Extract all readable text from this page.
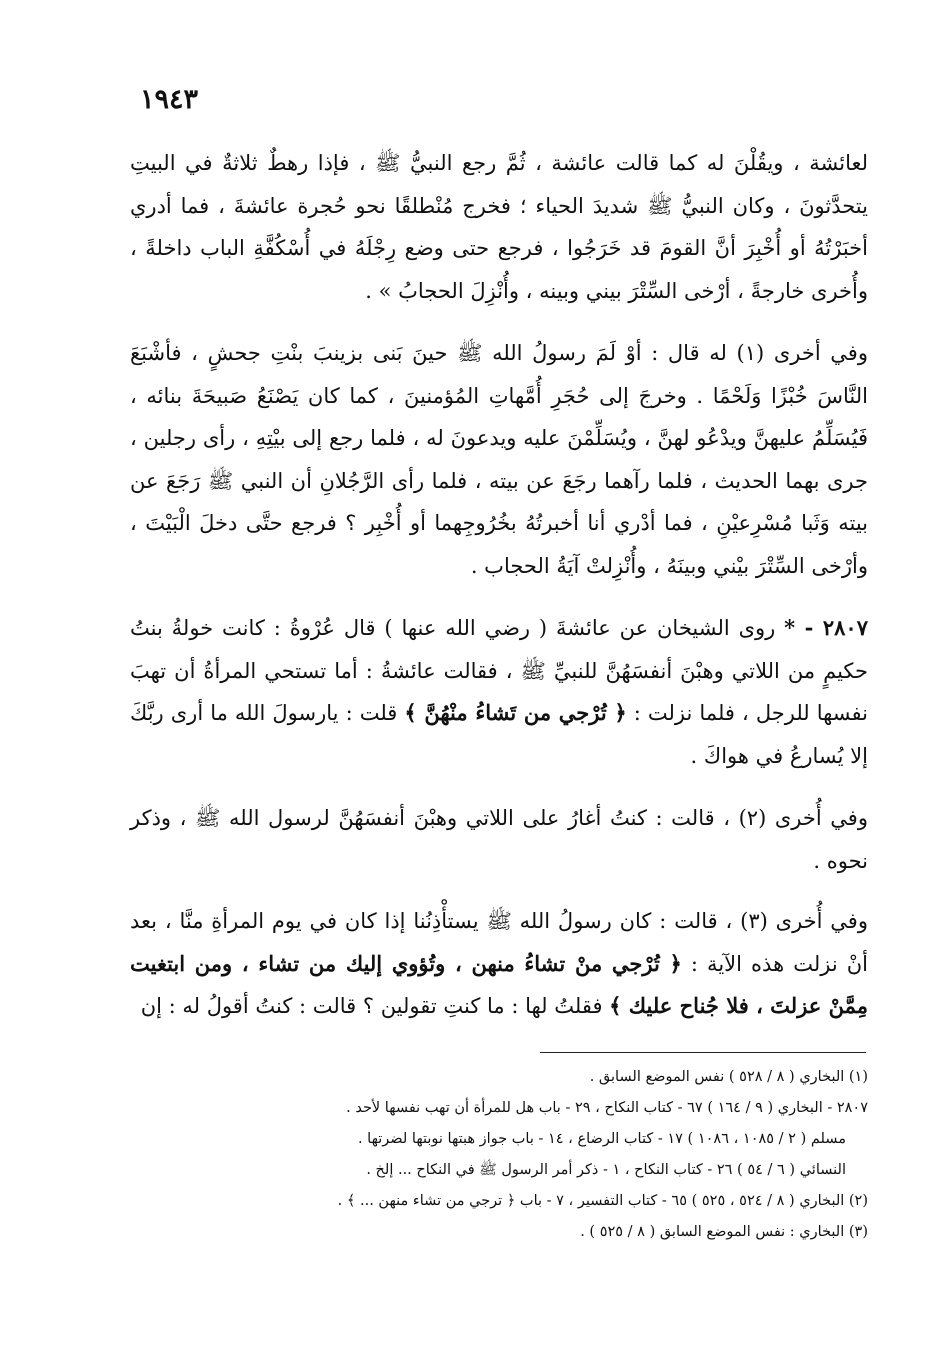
١٩٤٣

لعائشة ، ويقُلْنَ له كما قالت عائشة ، ثُمَّ رجع النبيُّ ﷺ ، فإذا رهطٌ ثلاثةٌ في البيتِ يتحدَّثونَ ، وكان النبيُّ ﷺ شديدَ الحياء ؛ فخرج مُنْطلقًا نحو حُجرة عائشةَ ، فما أدري أخبَرْتُهُ أو أُخْبِرَ أنَّ القومَ قد خَرَجُوا ، فرجع حتى وضع رِجْلَهُ في أُسْكُفَّةِ الباب داخلةً ، وأُخرى خارجةً ، أرْخى السِّتْرَ بيني وبينه ، وأُنْزِلَ الحجابُ » .

وفي أخرى (١) له قال : أوْ لَمَ رسولُ الله ﷺ حينَ بَنى بزينبَ بنْتِ جحشٍ ، فأشْبَعَ النَّاسَ خُبْزًا وَلَحْمًا . وخرجَ إلى حُجَرِ أُمَّهاتِ المُؤمنينَ ، كما كان يَصْنَعُ صَبيحَةَ بنائه ، فَيُسَلِّمُ عليهنَّ ويدْعُو لهنَّ ، ويُسَلِّمْنَ عليه ويدعونَ له ، فلما رجع إلى بيْتِهِ ، رأى رجلين ، جرى بهما الحديث ، فلما رآهما رجَعَ عن بيته ، فلما رأى الرَّجُلانِ أن النبي ﷺ رَجَعَ عن بيته وَثَبا مُسْرِعيْنِ ، فما أدْري أنا أخبرتُهُ بخُرُوجِهما أو أُخْبِر ؟ فرجع حتَّى دخلَ الْبَيْتَ ، وأرْخى السِّتْرَ بيْني وبينَهُ ، وأُنْزِلتْ آيَةُ الحجاب .

٢٨٠٧ - * روى الشيخان عن عائشةَ ( رضي الله عنها ) قال عُرْوةُ : كانت خولةُ بنتُ حكيمٍ من اللاتي وهبْنَ أنفسَهُنَّ للنبيِّ ﷺ ، فقالت عائشةُ : أما تستحي المرأةُ أن تهبَ نفسها للرجل ، فلما نزلت : ﴿ تُرْجي من تَشاءُ منْهُنَّ ﴾ قلت : يارسولَ الله ما أرى ربَّكَ إلا يُسارعُ في هواكَ .

وفي أُخرى (٢) ، قالت : كنتُ أغارُ على اللاتي وهبْنَ أنفسَهُنَّ لرسول الله ﷺ ، وذكر نحوه .

وفي أُخرى (٣) ، قالت : كان رسولُ الله ﷺ يستأْذِنُنا إذا كان في يوم المرأةِ منَّا ، بعد أنْ نزلت هذه الآية : ﴿ تُرْجي منْ تشاءُ منهن ، وتُؤوي إليك من تشاء ، ومن ابتغيت مِمَّنْ عزلتَ ، فلا جُناح عليك ﴾ فقلتُ لها : ما كنتِ تقولين ؟ قالت : كنتُ أقولُ له : إن

(١) البخاري ( ٨ / ٥٢٨ ) نفس الموضع السابق .

٢٨٠٧ - البخاري ( ٩ / ١٦٤ ) ٦٧ - كتاب النكاح ، ٢٩ - باب هل للمرأة أن تهب نفسها لأحد .

مسلم ( ٢ / ١٠٨٥ ، ١٠٨٦ ) ١٧ - كتاب الرضاع ، ١٤ - باب جواز هبتها نوبتها لضرتها .

النسائي ( ٦ / ٥٤ ) ٢٦ - كتاب النكاح ، ١ - ذكر أمر الرسول ﷺ في النكاح ... إلخ .

(٢) البخاري ( ٨ / ٥٢٤ ، ٥٢٥ ) ٦٥ - كتاب التفسير ، ٧ - باب ﴿ ترجي من تشاء منهن ... ﴾ .

(٣) البخاري : نفس الموضع السابق ( ٨ / ٥٢٥ ) .
